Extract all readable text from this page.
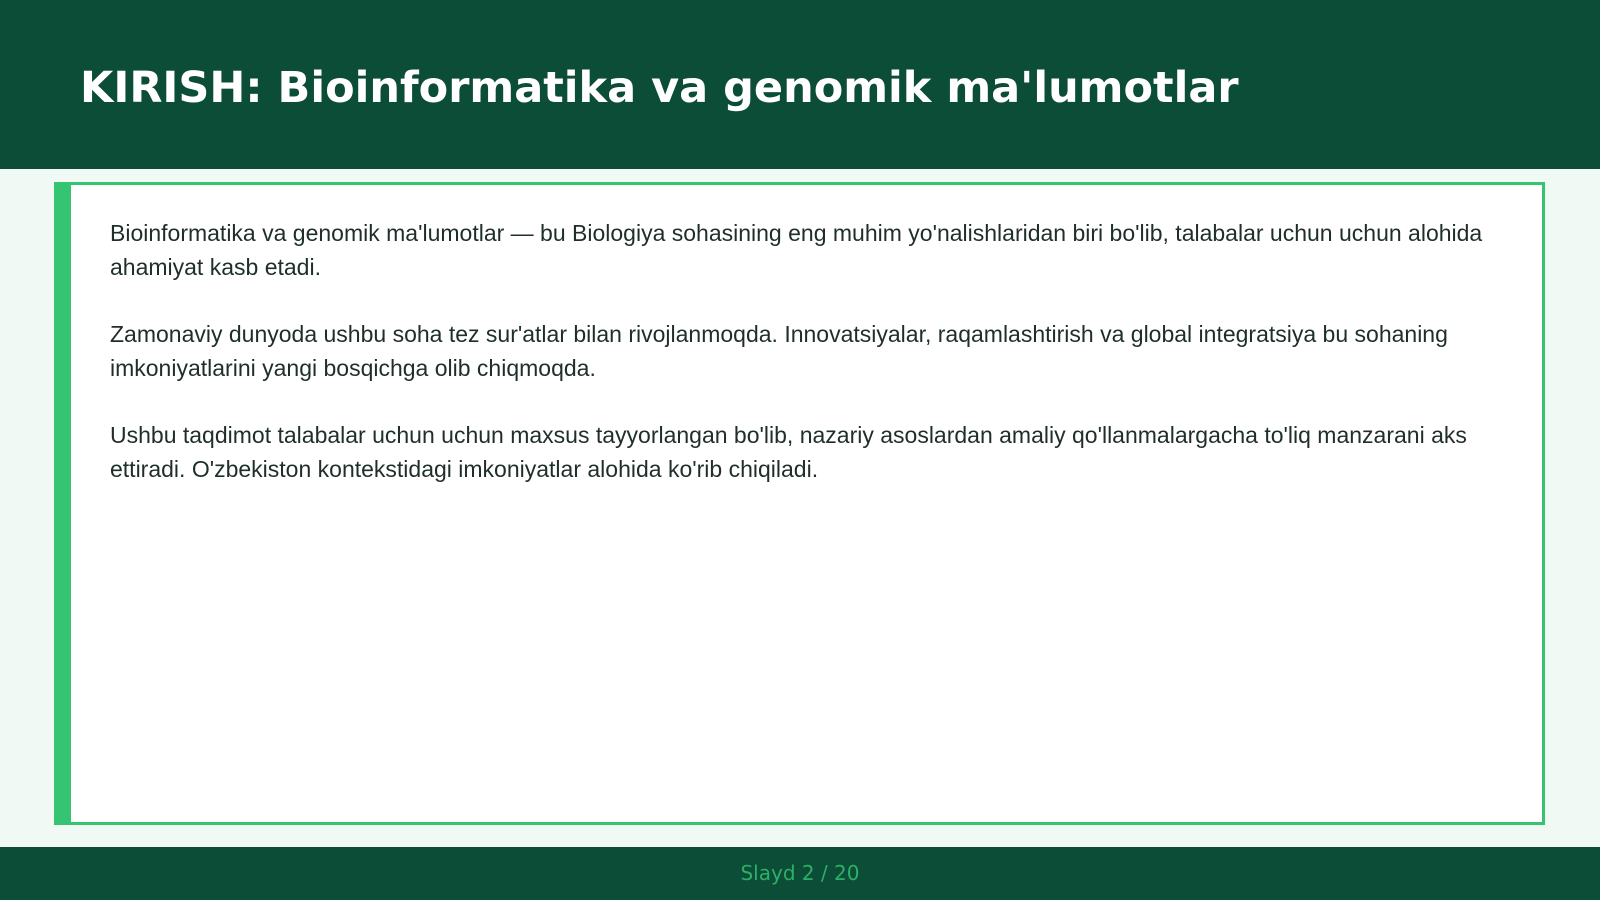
KIRISH: Bioinformatika va genomik ma'lumotlar

Bioinformatika va genomik ma'lumotlar — bu Biologiya sohasining eng muhim yo'nalishlaridan biri bo'lib, talabalar uchun uchun alohida ahamiyat kasb etadi.

Zamonaviy dunyoda ushbu soha tez sur'atlar bilan rivojlanmoqda. Innovatsiyalar, raqamlashtirish va global integratsiya bu sohaning imkoniyatlarini yangi bosqichga olib chiqmoqda.

Ushbu taqdimot talabalar uchun uchun maxsus tayyorlangan bo'lib, nazariy asoslardan amaliy qo'llanmalargacha to'liq manzarani aks ettiradi. O'zbekiston kontekstidagi imkoniyatlar alohida ko'rib chiqiladi.

Slayd 2 / 20
